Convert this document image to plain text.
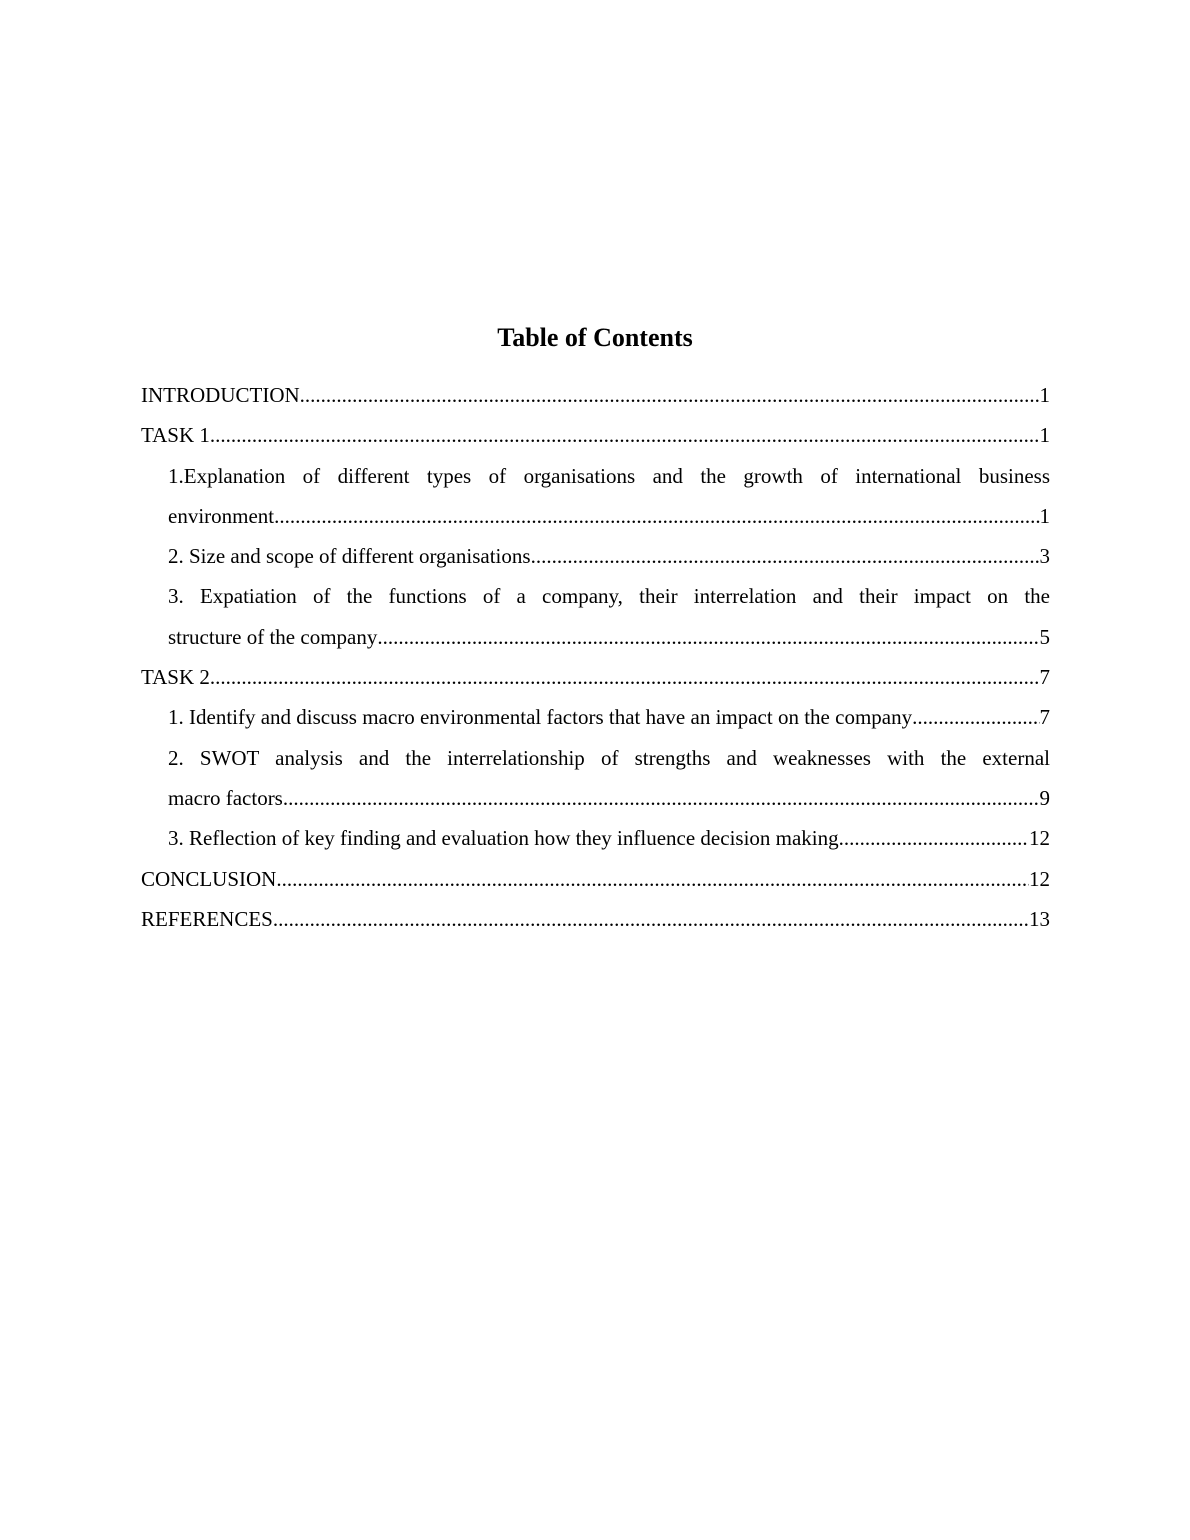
Table of Contents
INTRODUCTION .....	1
TASK 1 .....	1
1.Explanation of different types of organisations and the growth of international business
environment .....	1
2. Size and scope of different organisations .....	3
3. Expatiation of the functions of a company, their interrelation and their impact on the
structure of the company .....	5
TASK 2 .....	7
1. Identify and discuss macro environmental factors that have an impact on the company .....	7
2. SWOT analysis and the interrelationship of strengths and weaknesses with the external
macro factors .....	9
3. Reflection of key finding and evaluation how they influence decision making .....	12
CONCLUSION .....	12
REFERENCES .....	13
